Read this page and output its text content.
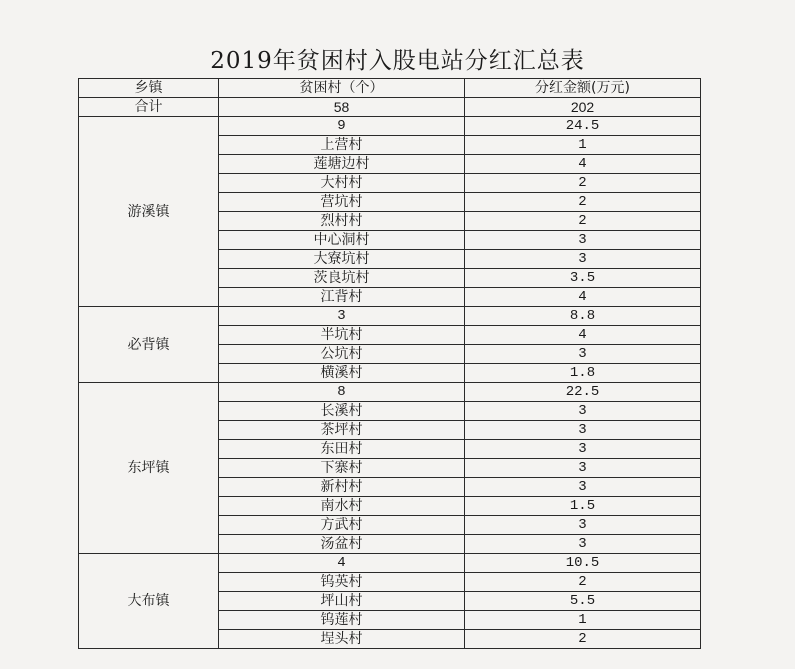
2019年贫困村入股电站分红汇总表
乡镇	贫困村（个）	分红金额(万元)
合计	58	202
游溪镇	9	24.5
	上营村	1
	莲塘边村	4
	大村村	2
	营坑村	2
	烈村村	2
	中心洞村	3
	大寮坑村	3
	茨良坑村	3.5
	江背村	4
必背镇	3	8.8
	半坑村	4
	公坑村	3
	横溪村	1.8
东坪镇	8	22.5
	长溪村	3
	茶坪村	3
	东田村	3
	下寨村	3
	新村村	3
	南水村	1.5
	方武村	3
	汤盆村	3
大布镇	4	10.5
	钨英村	2
	坪山村	5.5
	钨莲村	1
	埕头村	2
